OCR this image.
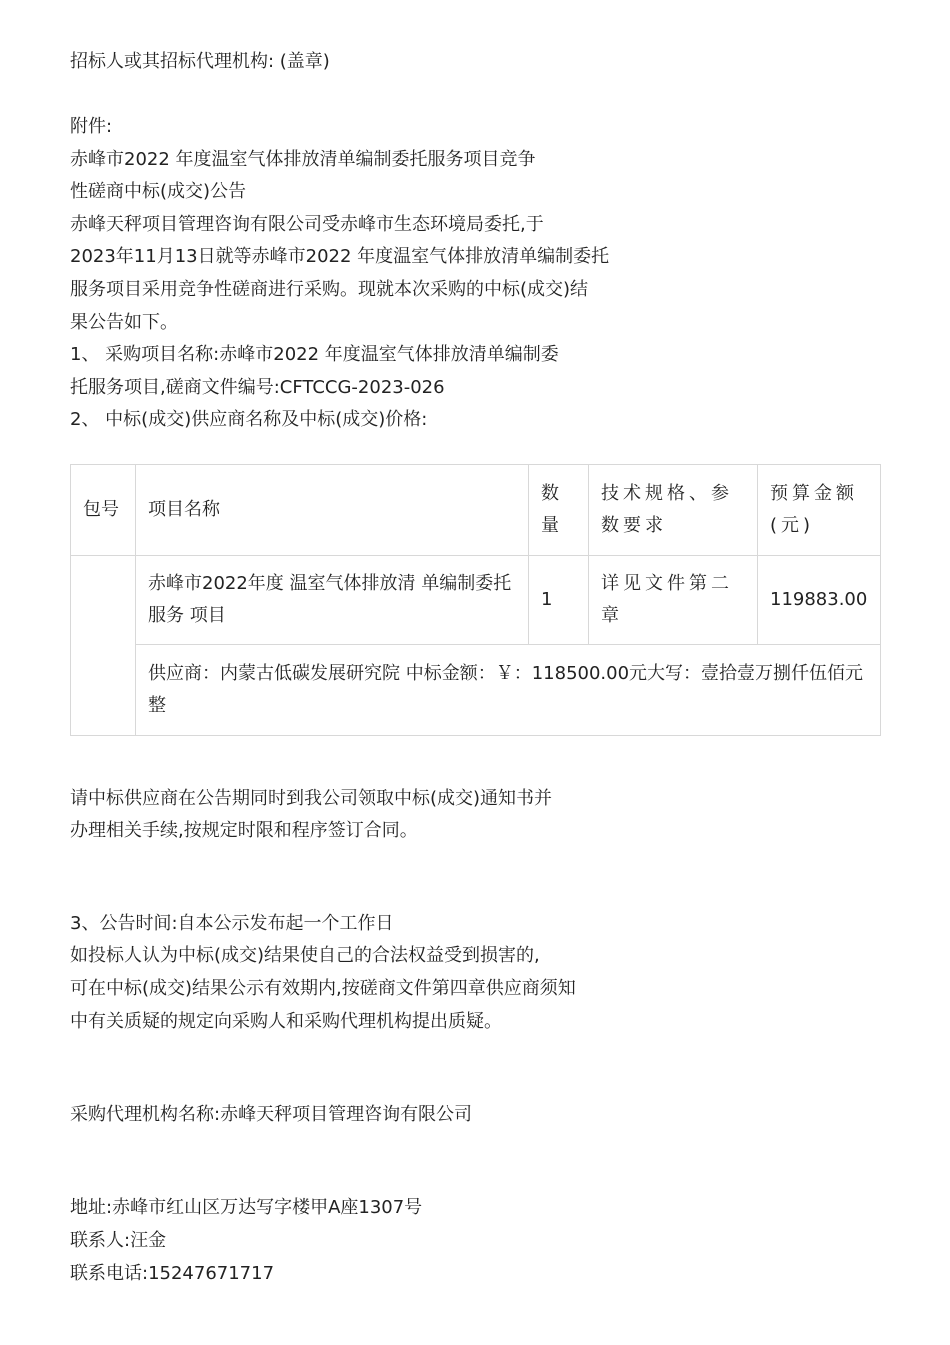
招标人或其招标代理机构: (盖章)
附件:
赤峰市2022 年度温室气体排放清单编制委托服务项目竞争
性磋商中标(成交)公告
赤峰天秤项目管理咨询有限公司受赤峰市生态环境局委托,于
2023年11月13日就等赤峰市2022 年度温室气体排放清单编制委托
服务项目采用竞争性磋商进行采购。现就本次采购的中标(成交)结
果公告如下。
1、 采购项目名称:赤峰市2022 年度温室气体排放清单编制委
托服务项目,磋商文件编号:CFTCCG-2023-026
2、 中标(成交)供应商名称及中标(成交)价格:
包号	项目名称	数量	技术规格、参数要求	预算金额(元)
	赤峰市2022年度 温室气体排放清 单编制委托服务 项目	1	详见文件第二章	119883.00
	供应商：内蒙古低碳发展研究院 中标金额：￥：118500.00元大写：壹拾壹万捌仟伍佰元整			
请中标供应商在公告期同时到我公司领取中标(成交)通知书并
办理相关手续,按规定时限和程序签订合同。
3、公告时间:自本公示发布起一个工作日
如投标人认为中标(成交)结果使自己的合法权益受到损害的,
可在中标(成交)结果公示有效期内,按磋商文件第四章供应商须知
中有关质疑的规定向采购人和采购代理机构提出质疑。
采购代理机构名称:赤峰天秤项目管理咨询有限公司
地址:赤峰市红山区万达写字楼甲A座1307号
联系人:汪金
联系电话:15247671717
